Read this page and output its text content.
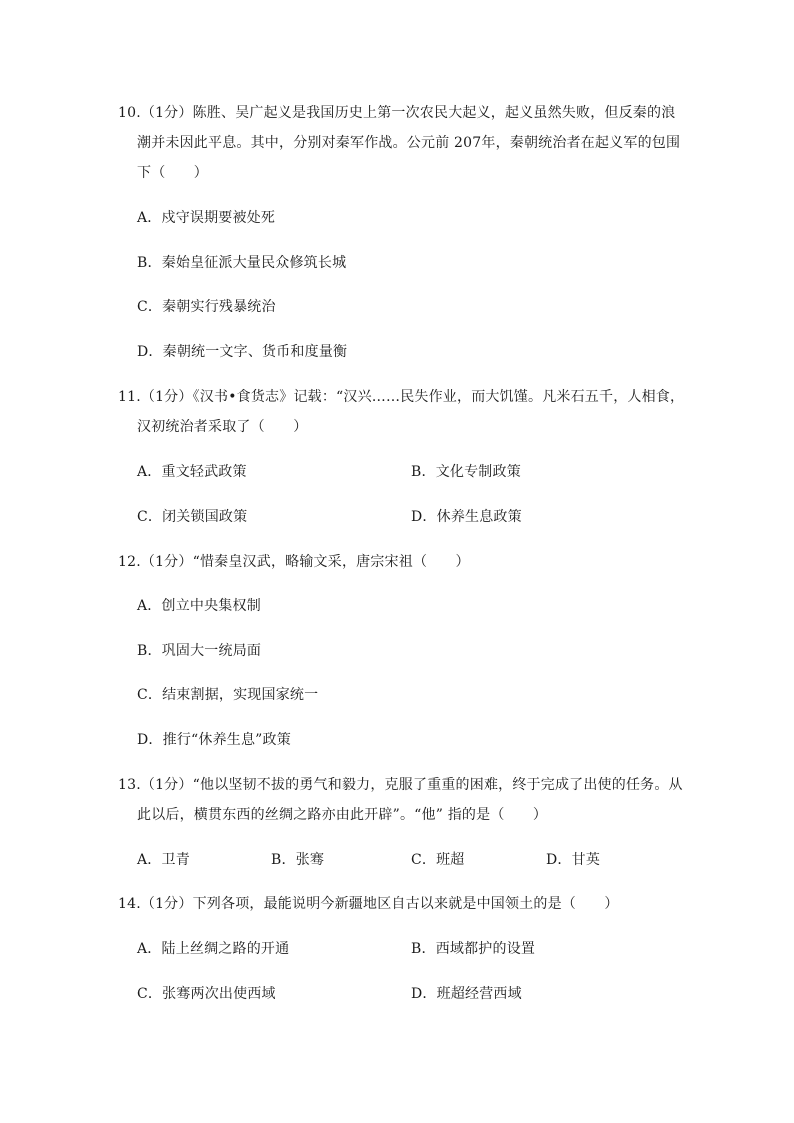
10.（1分）陈胜、吴广起义是我国历史上第一次农民大起义，起义虽然失败，但反秦的浪
潮并未因此平息。其中，分别对秦军作战。公元前 207年，秦朝统治者在起义军的包围
下（　　）
A．戍守误期要被处死
B．秦始皇征派大量民众修筑长城
C．秦朝实行残暴统治
D．秦朝统一文字、货币和度量衡
11.（1分）《汉书•食货志》记载：“汉兴……民失作业，而大饥馑。凡米石五千，人相食，
汉初统治者采取了（　　）
A．重文轻武政策	B．文化专制政策
C．闭关锁国政策	D．休养生息政策
12.（1分）“惜秦皇汉武，略输文采，唐宗宋祖（　　）
A．创立中央集权制
B．巩固大一统局面
C．结束割据，实现国家统一
D．推行“休养生息”政策
13.（1分）“他以坚韧不拔的勇气和毅力，克服了重重的困难，终于完成了出使的任务。从
此以后，横贯东西的丝绸之路亦由此开辟”。“他” 指的是（　　）
A．卫青	B．张骞	C．班超	D．甘英
14.（1分）下列各项，最能说明今新疆地区自古以来就是中国领土的是（　　）
A．陆上丝绸之路的开通	B．西域都护的设置
C．张骞两次出使西域	D．班超经营西域
